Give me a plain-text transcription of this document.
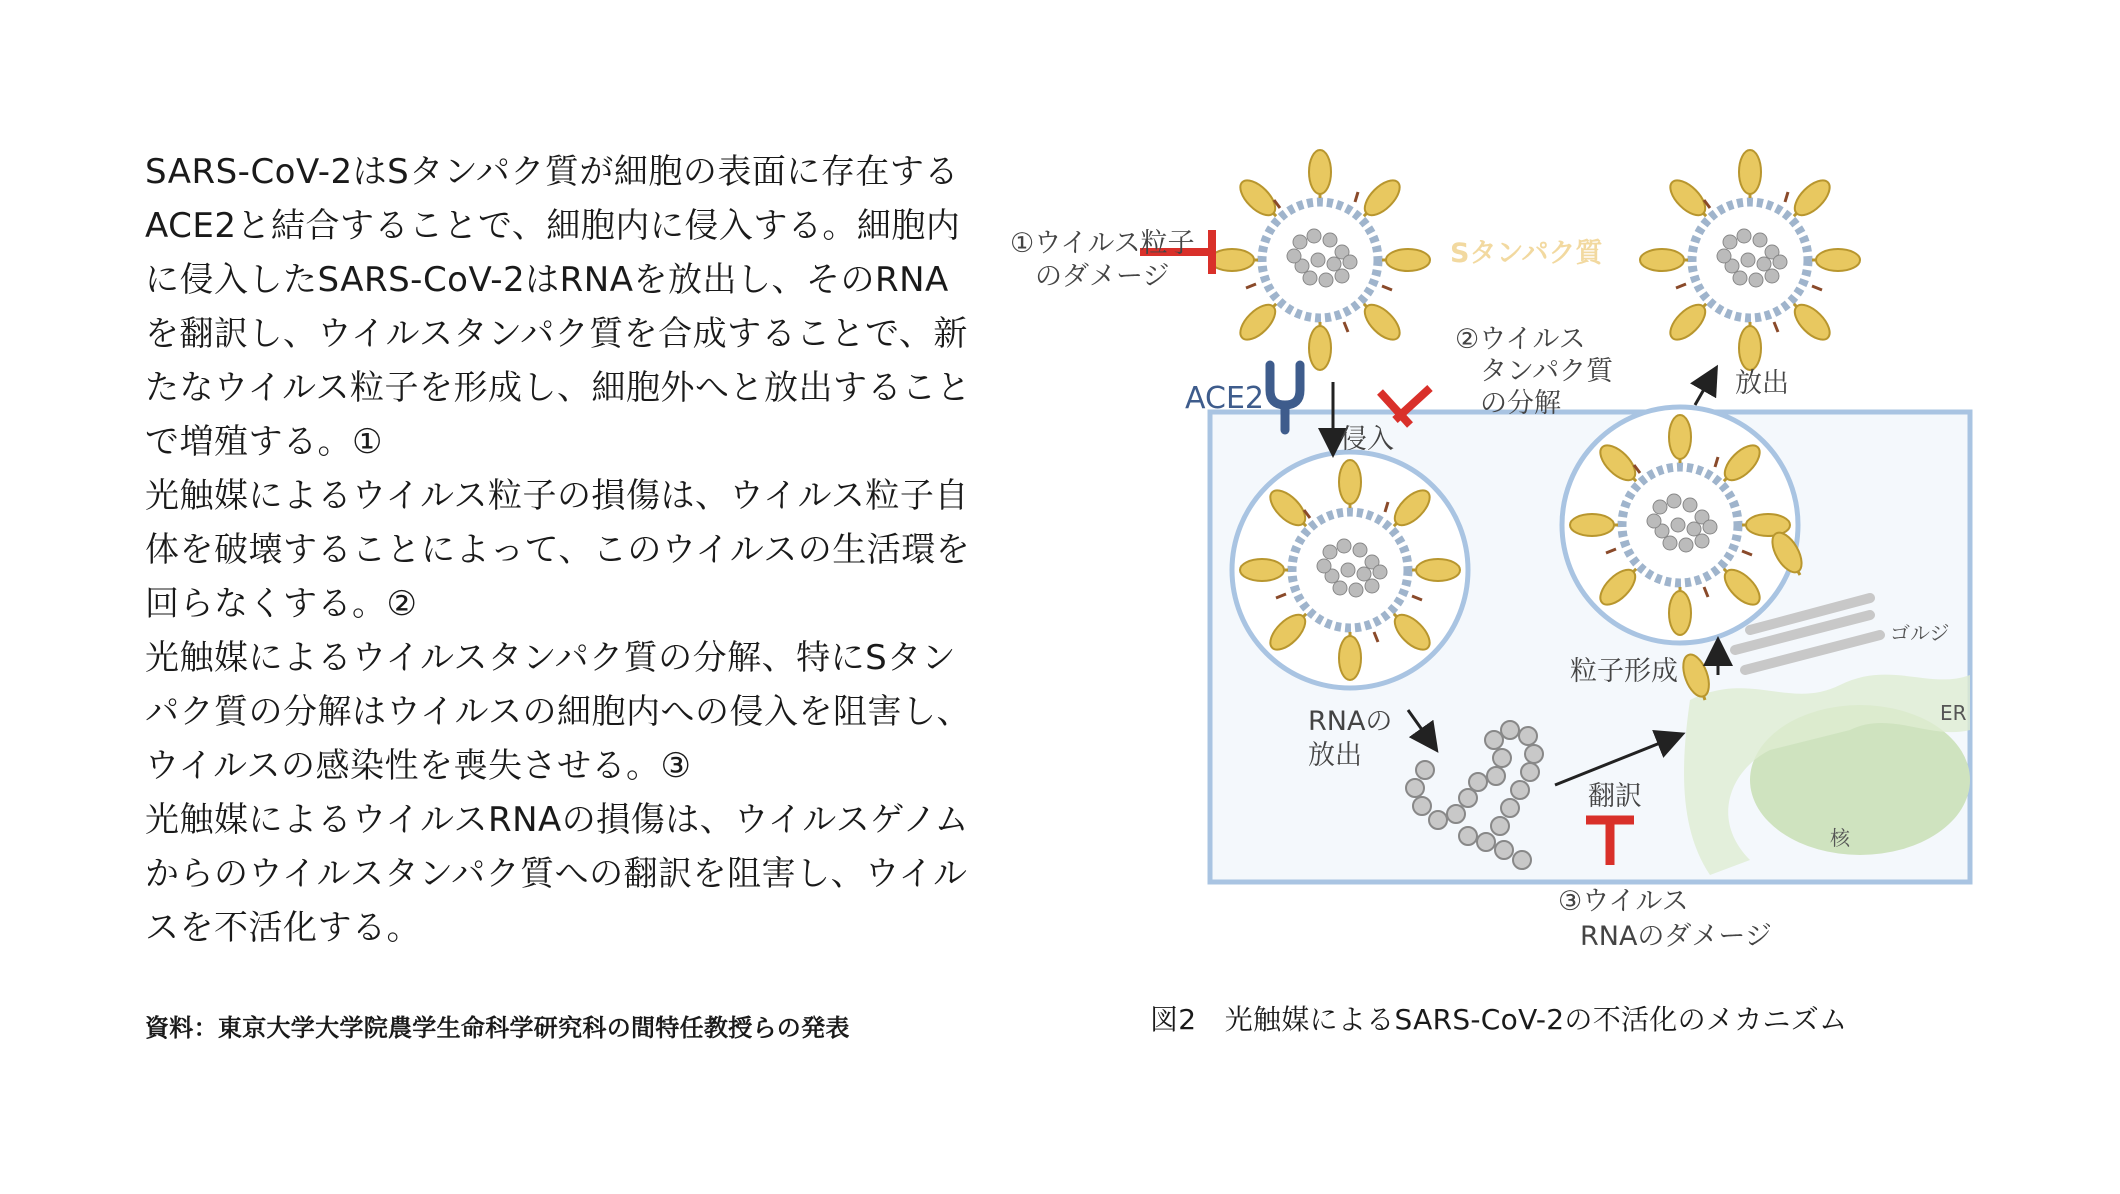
SARS-CoV-2はSタンパク質が細胞の表面に存在するACE2と結合することで、細胞内に侵入する。細胞内に侵入したSARS-CoV-2はRNAを放出し、そのRNAを翻訳し、ウイルスタンパク質を合成することで、新たなウイルス粒子を形成し、細胞外へと放出することで増殖する。①

光触媒によるウイルス粒子の損傷は、ウイルス粒子自体を破壊することによって、このウイルスの生活環を回らなくする。②

光触媒によるウイルスタンパク質の分解、特にSタンパク質の分解はウイルスの細胞内への侵入を阻害し、ウイルスの感染性を喪失させる。③

光触媒によるウイルスRNAの損傷は、ウイルスゲノムからのウイルスタンパク質への翻訳を阻害し、ウイルスを不活化する。

資料：東京大学大学院農学生命科学研究科の間特任教授らの発表
①ウイルス粒子
のダメージ
Sタンパク質
ACE2
侵入
②ウイルス
タンパク質
の分解
放出
RNAの
放出
粒子形成
ゴルジ
ER
核
翻訳
③ウイルス
RNAのダメージ
図2　光触媒によるSARS-CoV-2の不活化のメカニズム
